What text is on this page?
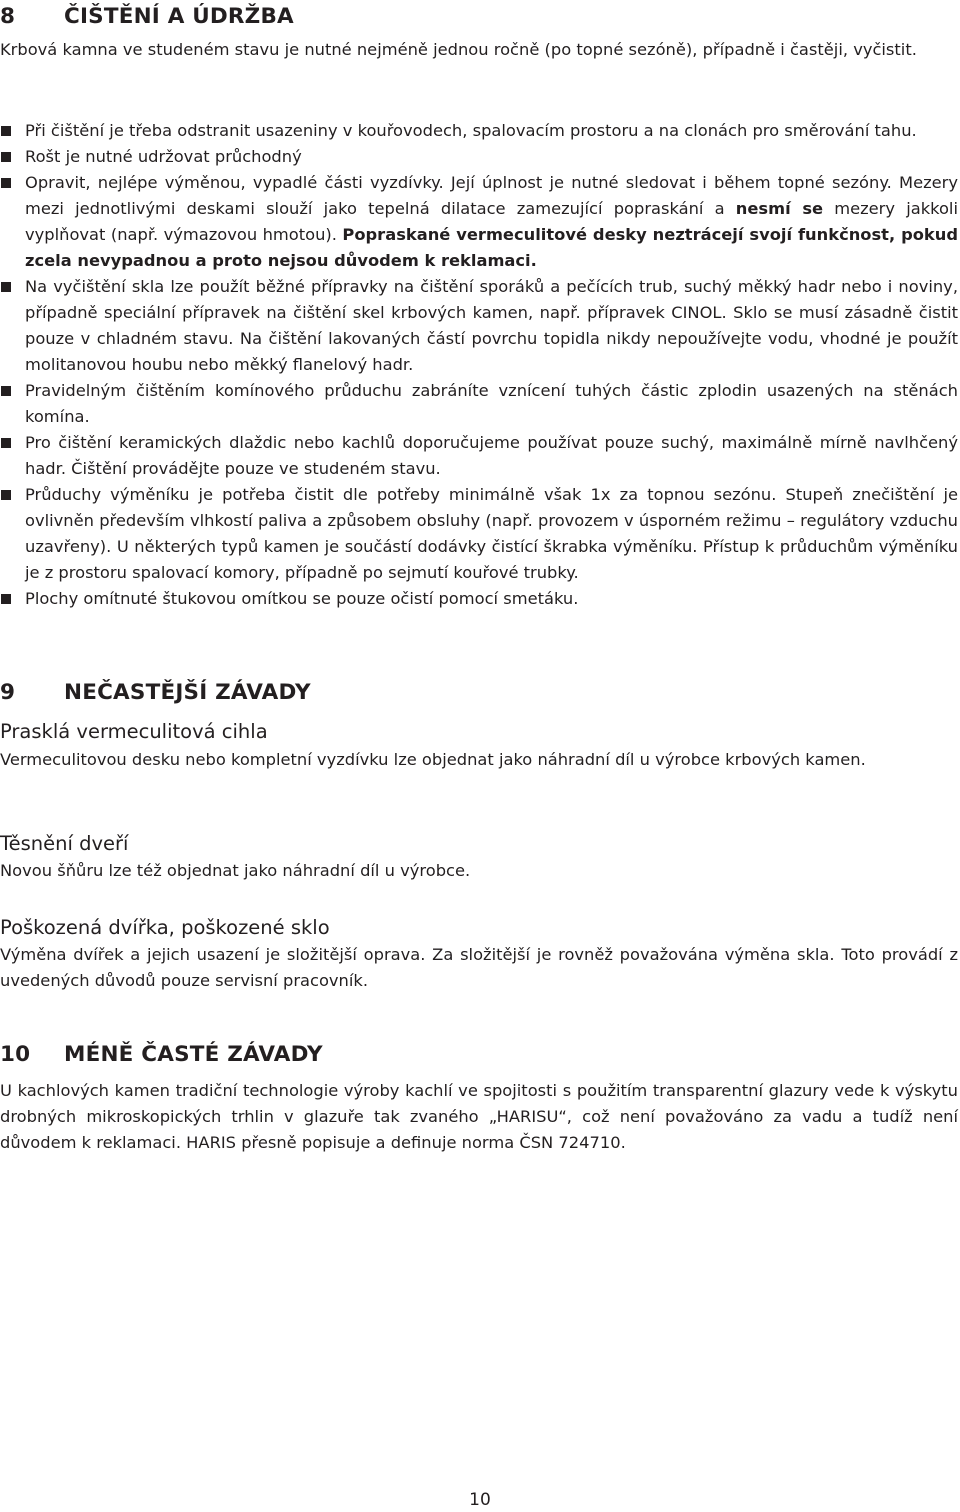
8 ČIŠTĚNÍ A ÚDRŽBA

Krbová kamna ve studeném stavu je nutné nejméně jednou ročně (po topné sezóně), případně i častěji, vyčistit.

Při čištění je třeba odstranit usazeniny v kouřovodech, spalovacím prostoru a na clonách pro směrování tahu.
Rošt je nutné udržovat průchodný
Opravit, nejlépe výměnou, vypadlé části vyzdívky. Její úplnost je nutné sledovat i během topné sezóny. Mezery mezi jednotlivými deskami slouží jako tepelná dilatace zamezující popraskání a nesmí se mezery jakkoli vyplňovat (např. výmazovou hmotou). Popraskané vermeculitové desky neztrácejí svojí funkčnost, pokud zcela nevypadnou a proto nejsou důvodem k reklamaci.
Na vyčištění skla lze použít běžné přípravky na čištění sporáků a pečících trub, suchý měkký hadr nebo i noviny, případně speciální přípravek na čištění skel krbových kamen, např. přípravek CINOL. Sklo se musí zásadně čistit pouze v chladném stavu. Na čištění lakovaných částí povrchu topidla nikdy nepoužívejte vodu, vhodné je použít molitanovou houbu nebo měkký flanelový hadr.
Pravidelným čištěním komínového průduchu zabráníte vznícení tuhých částic zplodin usazených na stěnách komína.
Pro čištění keramických dlaždic nebo kachlů doporučujeme používat pouze suchý, maximálně mírně navlhčený hadr. Čištění provádějte pouze ve studeném stavu.
Průduchy výměníku je potřeba čistit dle potřeby minimálně však 1x za topnou sezónu. Stupeň znečištění je ovlivněn především vlhkostí paliva a způsobem obsluhy (např. provozem v úsporném režimu – regulátory vzduchu uzavřeny). U některých typů kamen je součástí dodávky čistící škrabka výměníku. Přístup k průduchům výměníku je z prostoru spalovací komory, případně po sejmutí kouřové trubky.
Plochy omítnuté štukovou omítkou se pouze očistí pomocí smetáku.
9 NEČASTĚJŠÍ ZÁVADY
Prasklá vermeculitová cihla

Vermeculitovou desku nebo kompletní vyzdívku lze objednat jako náhradní díl u výrobce krbových kamen.

Těsnění dveří

Novou šňůru lze též objednat jako náhradní díl u výrobce.

Poškozená dvířka, poškozené sklo

Výměna dvířek a jejich usazení je složitější oprava. Za složitější je rovněž považována výměna skla. Toto provádí z uvedených důvodů pouze servisní pracovník.

10 MÉNĚ ČASTÉ ZÁVADY

U kachlových kamen tradiční technologie výroby kachlí ve spojitosti s použitím transparentní glazury vede k výskytu drobných mikroskopických trhlin v glazuře tak zvaného „HARISU“, což není považováno za vadu a tudíž není důvodem k reklamaci. HARIS přesně popisuje a definuje norma ČSN 724710.

10
